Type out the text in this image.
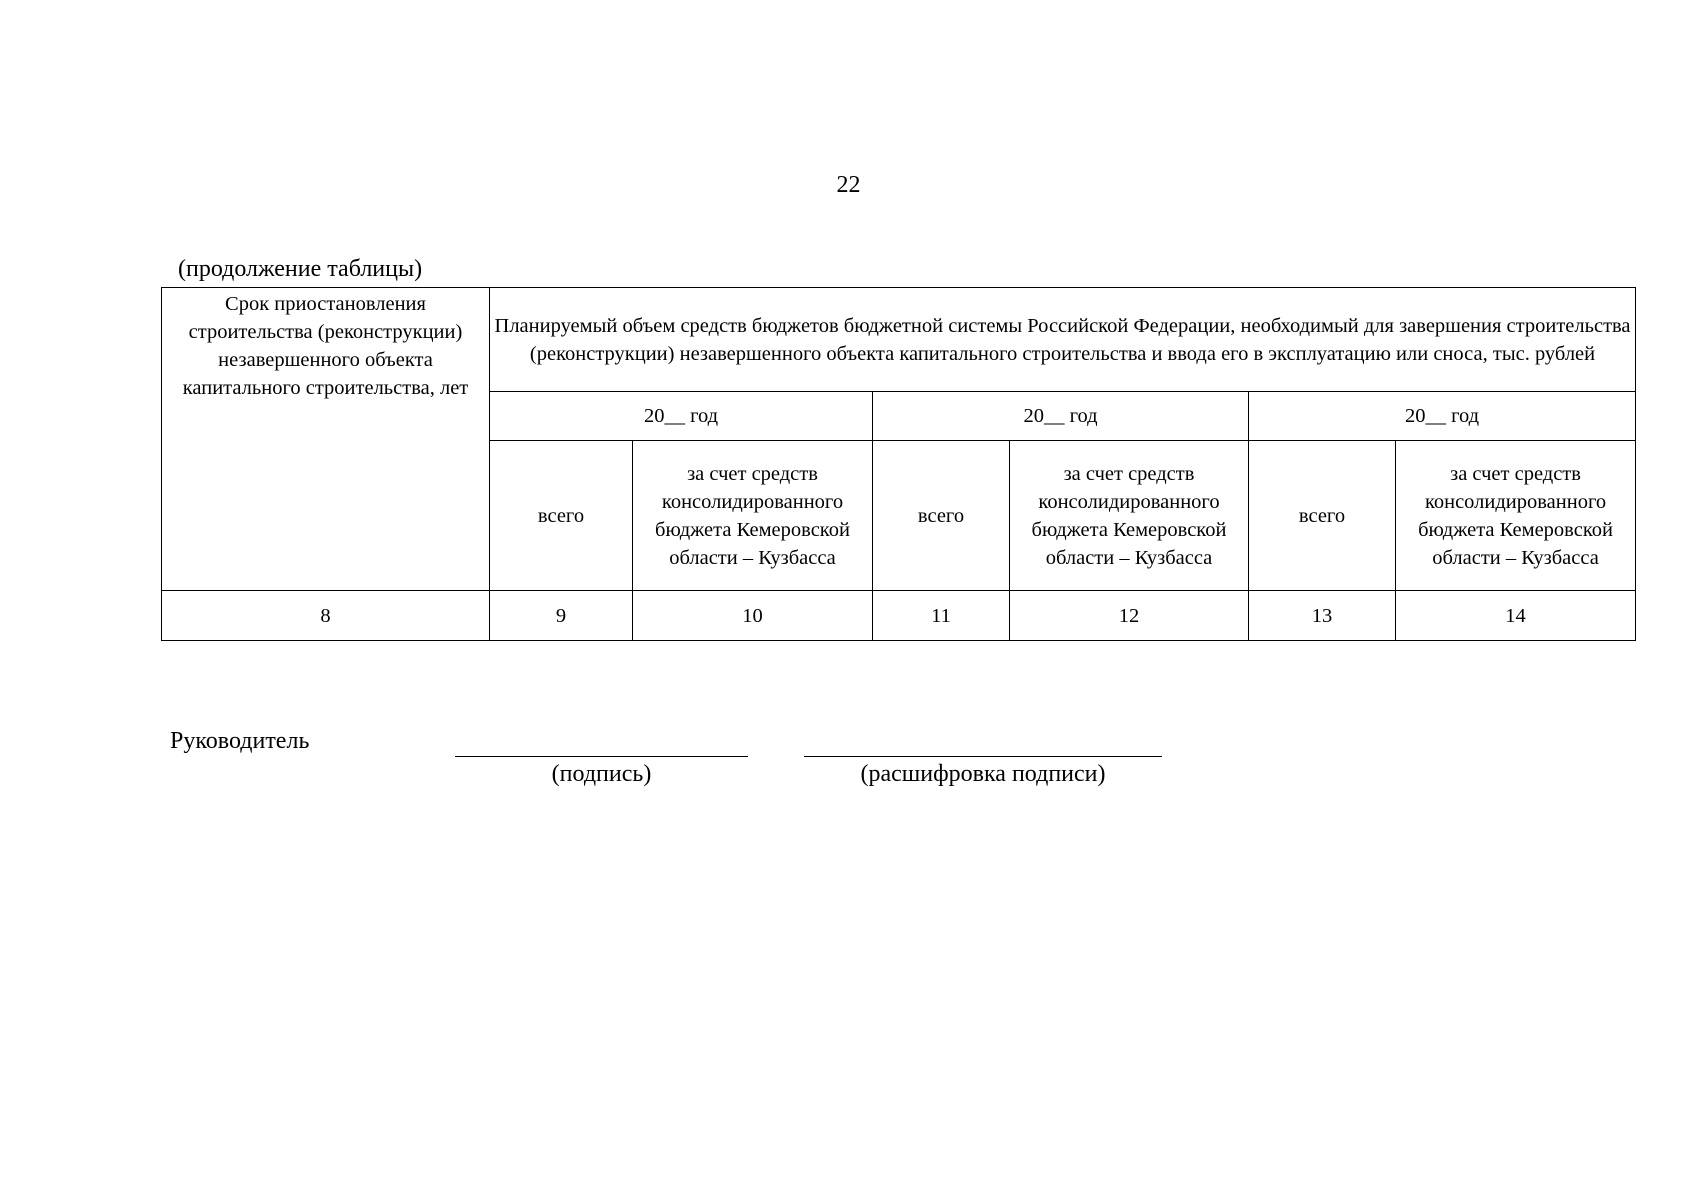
22
(продолжение таблицы)
Срок приостановления строительства (реконструкции) незавершенного объекта капитального строительства, лет	Планируемый объем средств бюджетов бюджетной системы Российской Федерации, необходимый для завершения строительства (реконструкции) незавершенного объекта капитального строительства и ввода его в эксплуатацию или сноса, тыс. рублей					
	20__ год		20__ год		20__ год	
	всего	за счет средств консолидированного бюджета Кемеровской области – Кузбасса	всего	за счет средств консолидированного бюджета Кемеровской области – Кузбасса	всего	за счет средств консолидированного бюджета Кемеровской области – Кузбасса
8	9	10	11	12	13	14
Руководитель
(подпись)	(расшифровка подписи)
